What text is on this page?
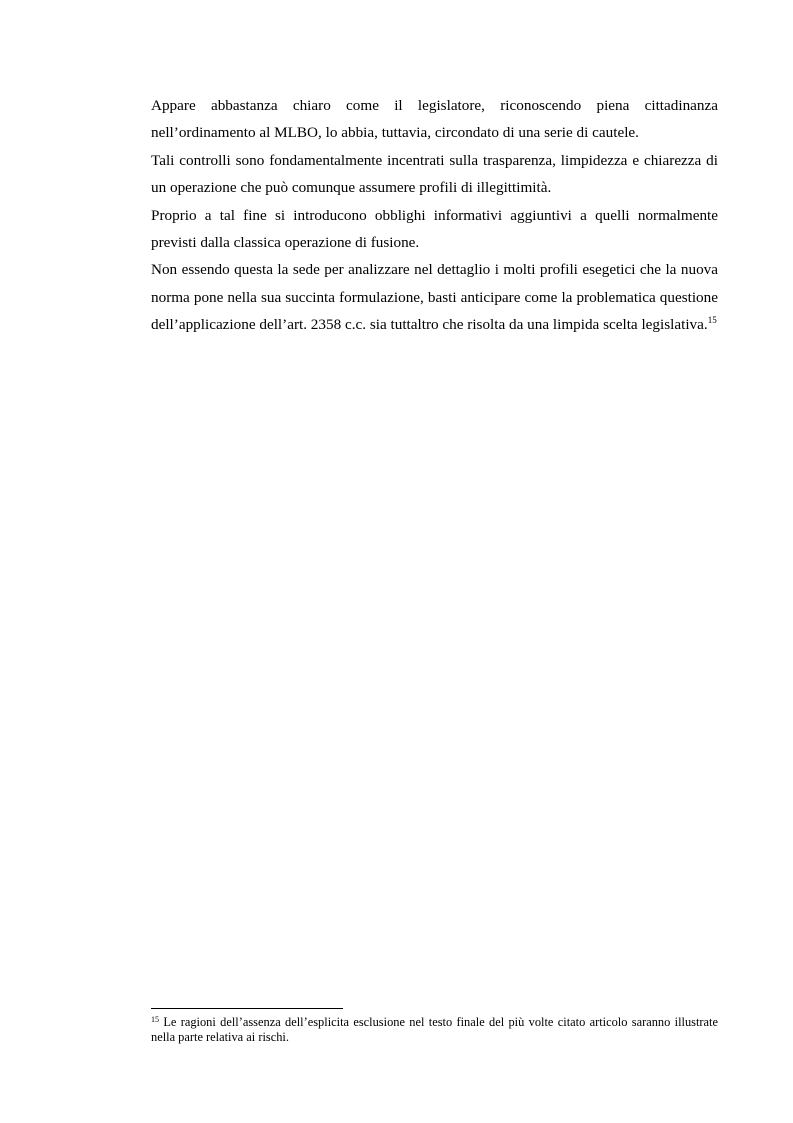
Appare abbastanza chiaro come il legislatore, riconoscendo piena cittadinanza nell’ordinamento al MLBO, lo abbia, tuttavia, circondato di una serie di cautele.

Tali controlli sono fondamentalmente incentrati sulla trasparenza, limpidezza e chiarezza di un operazione che può comunque assumere profili di illegittimità.

Proprio a tal fine si introducono obblighi informativi aggiuntivi a quelli normalmente previsti dalla classica operazione di fusione.

Non essendo questa la sede per analizzare nel dettaglio i molti profili esegetici che la nuova norma pone nella sua succinta formulazione, basti anticipare come la problematica questione dell’applicazione dell’art. 2358 c.c. sia tuttaltro che risolta da una limpida scelta legislativa.$^{15}$

$^{15}$ Le ragioni dell’assenza dell’esplicita esclusione nel testo finale del più volte citato articolo saranno illustrate nella parte relativa ai rischi.
